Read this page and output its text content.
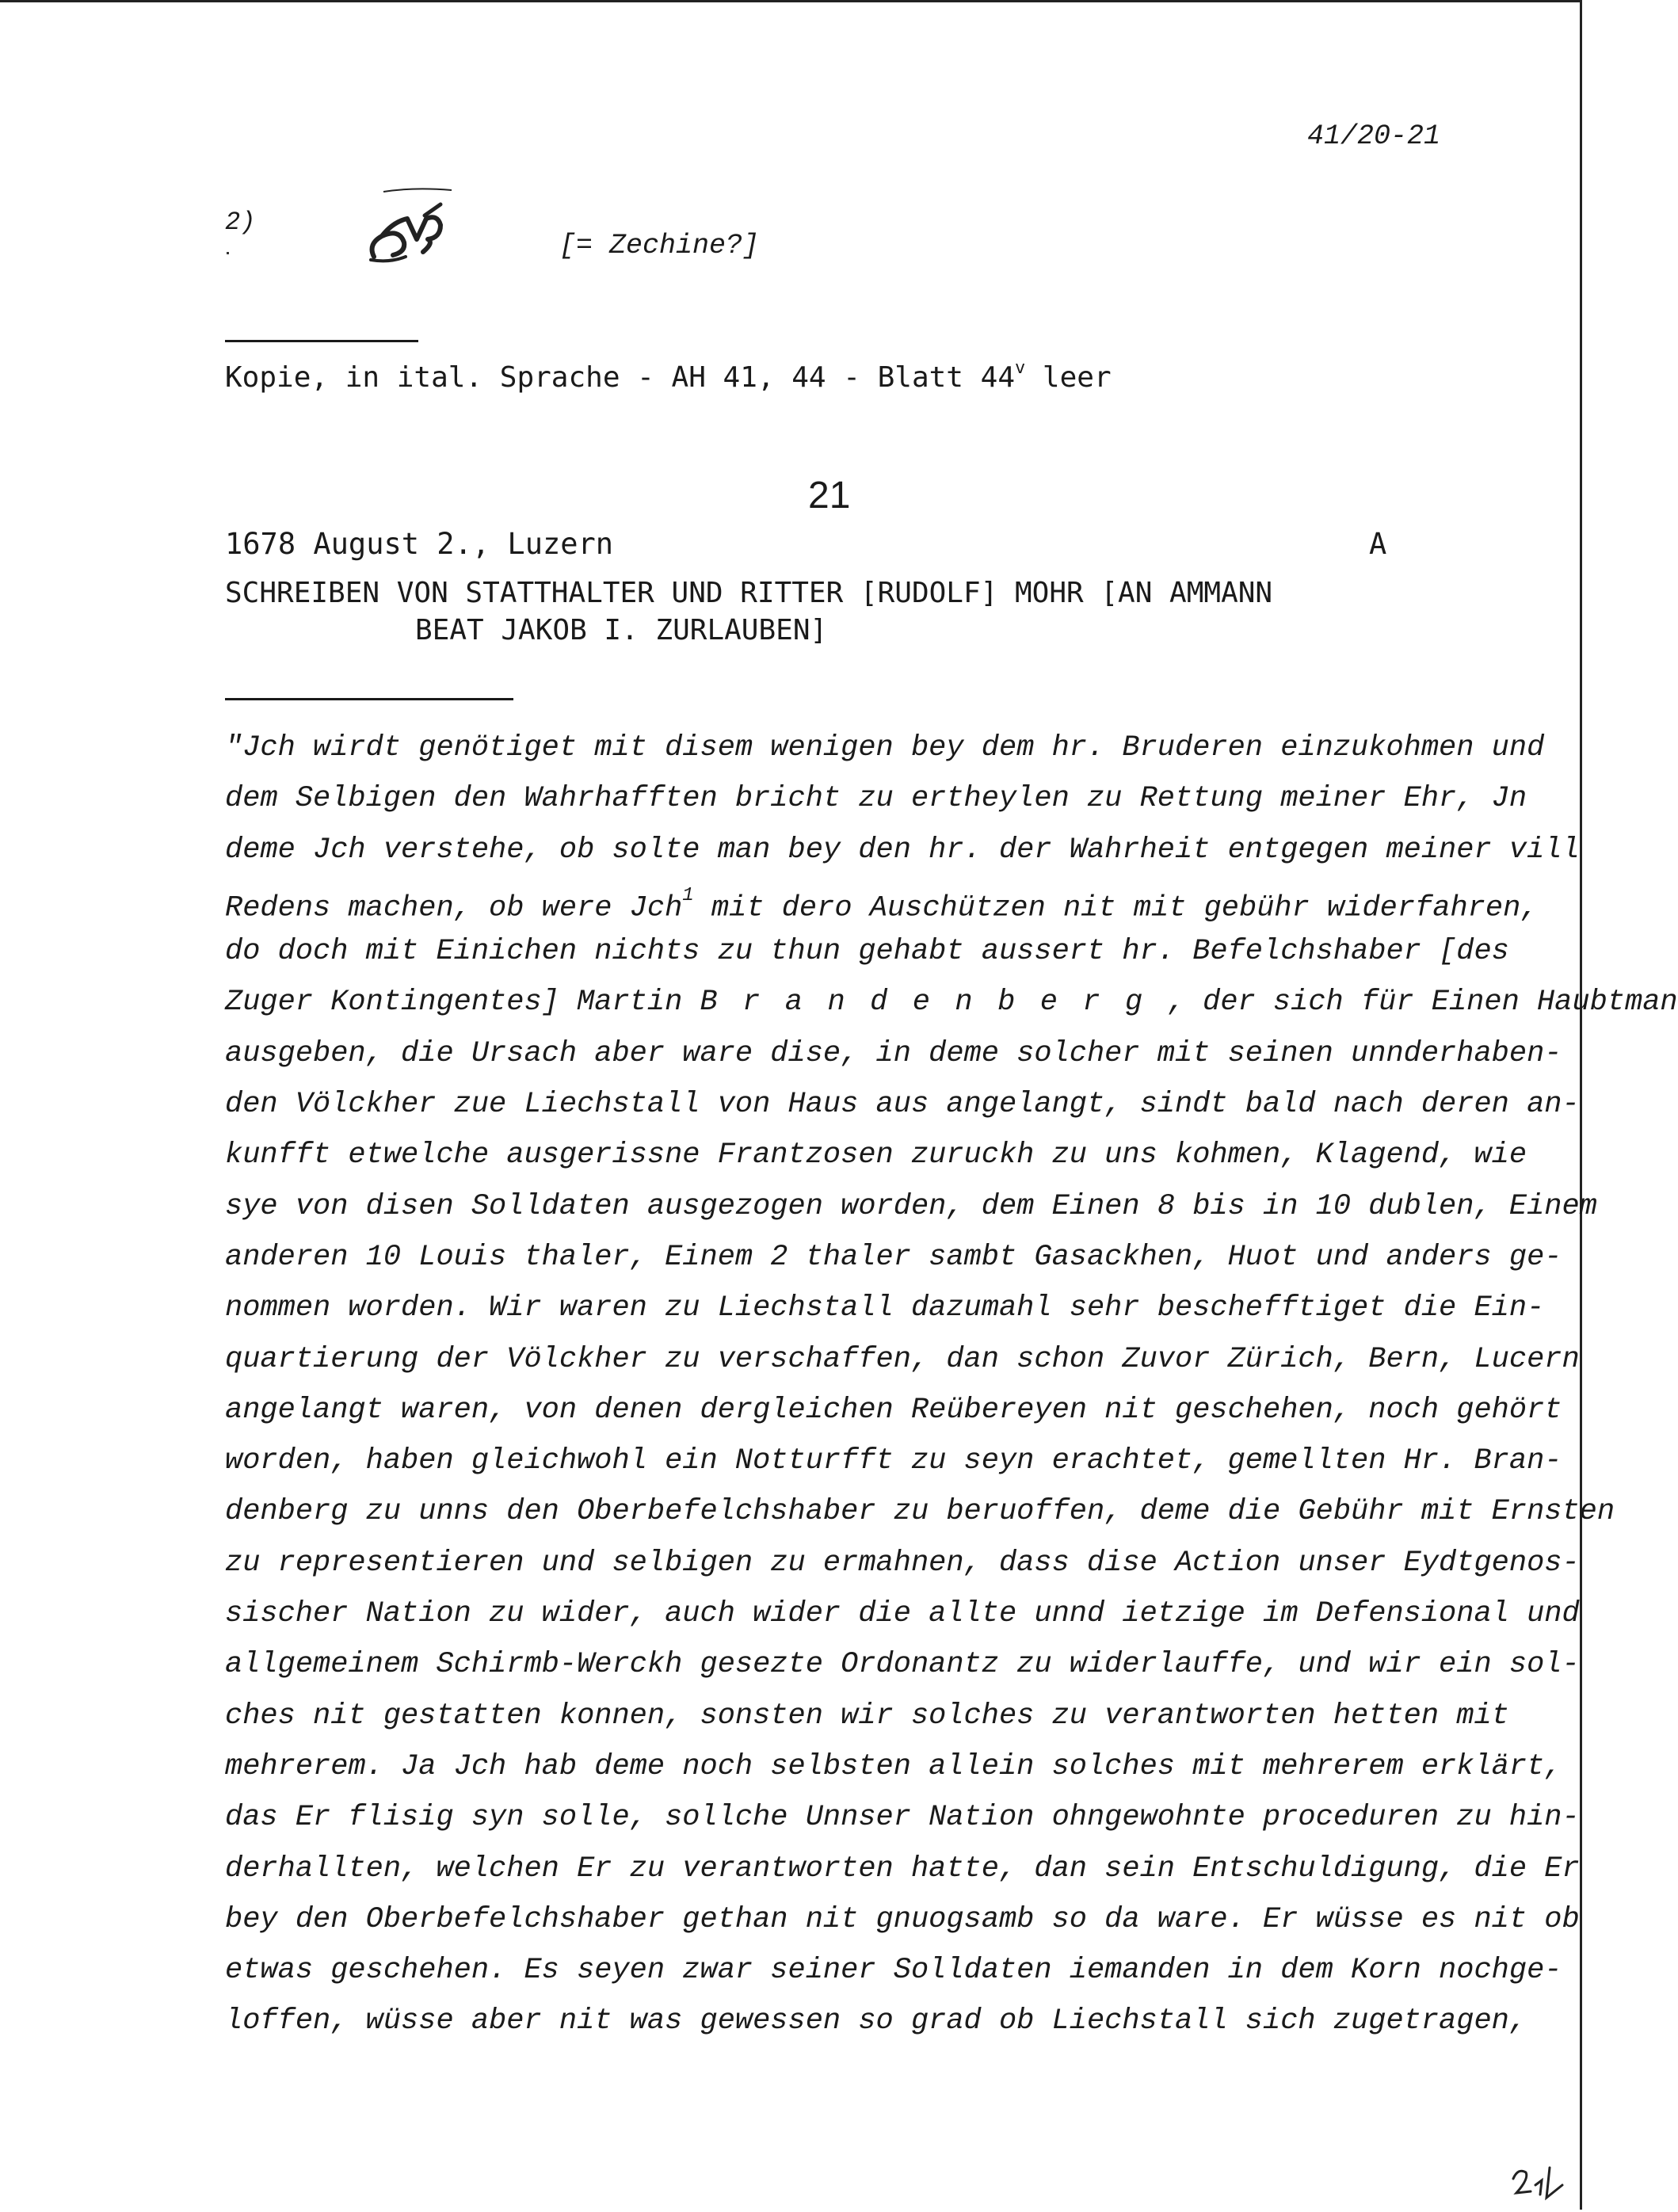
41/20-21
2)
[= Zechine?]
Kopie, in ital. Sprache - AH 41, 44 - Blatt 44$^v$ leer
21
1678 August 2., Luzern	A
SCHREIBEN VON STATTHALTER UND RITTER [RUDOLF] MOHR [AN AMMANN
BEAT JAKOB I. ZURLAUBEN]
"Jch wirdt genötiget mit disem wenigen bey dem hr. Bruderen einzukohmen und
dem Selbigen den Wahrhafften bricht zu ertheylen zu Rettung meiner Ehr, Jn
deme Jch verstehe, ob solte man bey den hr. der Wahrheit entgegen meiner vill
Redens machen, ob were Jch$^1$ mit dero Auschützen nit mit gebühr widerfahren,
do doch mit Einichen nichts zu thun gehabt aussert hr. Befelchshaber [des
Zuger Kontingentes] Martin Brandenberg, der sich für Einen Haubtman
ausgeben, die Ursach aber ware dise, in deme solcher mit seinen unnderhaben-
den Völckher zue Liechstall von Haus aus angelangt, sindt bald nach deren an-
kunfft etwelche ausgerissne Frantzosen zuruckh zu uns kohmen, Klagend, wie
sye von disen Solldaten ausgezogen worden, dem Einen 8 bis in 10 dublen, Einem
anderen 10 Louis thaler, Einem 2 thaler sambt Gasackhen, Huot und anders ge-
nommen worden. Wir waren zu Liechstall dazumahl sehr beschefftiget die Ein-
quartierung der Völckher zu verschaffen, dan schon Zuvor Zürich, Bern, Lucern
angelangt waren, von denen dergleichen Reübereyen nit geschehen, noch gehört
worden, haben gleichwohl ein Notturfft zu seyn erachtet, gemellten Hr. Bran-
denberg zu unns den Oberbefelchshaber zu beruoffen, deme die Gebühr mit Ernsten
zu representieren und selbigen zu ermahnen, dass dise Action unser Eydtgenos-
sischer Nation zu wider, auch wider die allte unnd ietzige im Defensional und
allgemeinem Schirmb-Werckh gesezte Ordonantz zu widerlauffe, und wir ein sol-
ches nit gestatten konnen, sonsten wir solches zu verantworten hetten mit
mehrerem. Ja Jch hab deme noch selbsten allein solches mit mehrerem erklärt,
das Er flisig syn solle, sollche Unnser Nation ohngewohnte proceduren zu hin-
derhallten, welchen Er zu verantworten hatte, dan sein Entschuldigung, die Er
bey den Oberbefelchshaber gethan nit gnuogsamb so da ware. Er wüsse es nit ob
etwas geschehen. Es seyen zwar seiner Solldaten iemanden in dem Korn nochge-
loffen, wüsse aber nit was gewessen so grad ob Liechstall sich zugetragen,
